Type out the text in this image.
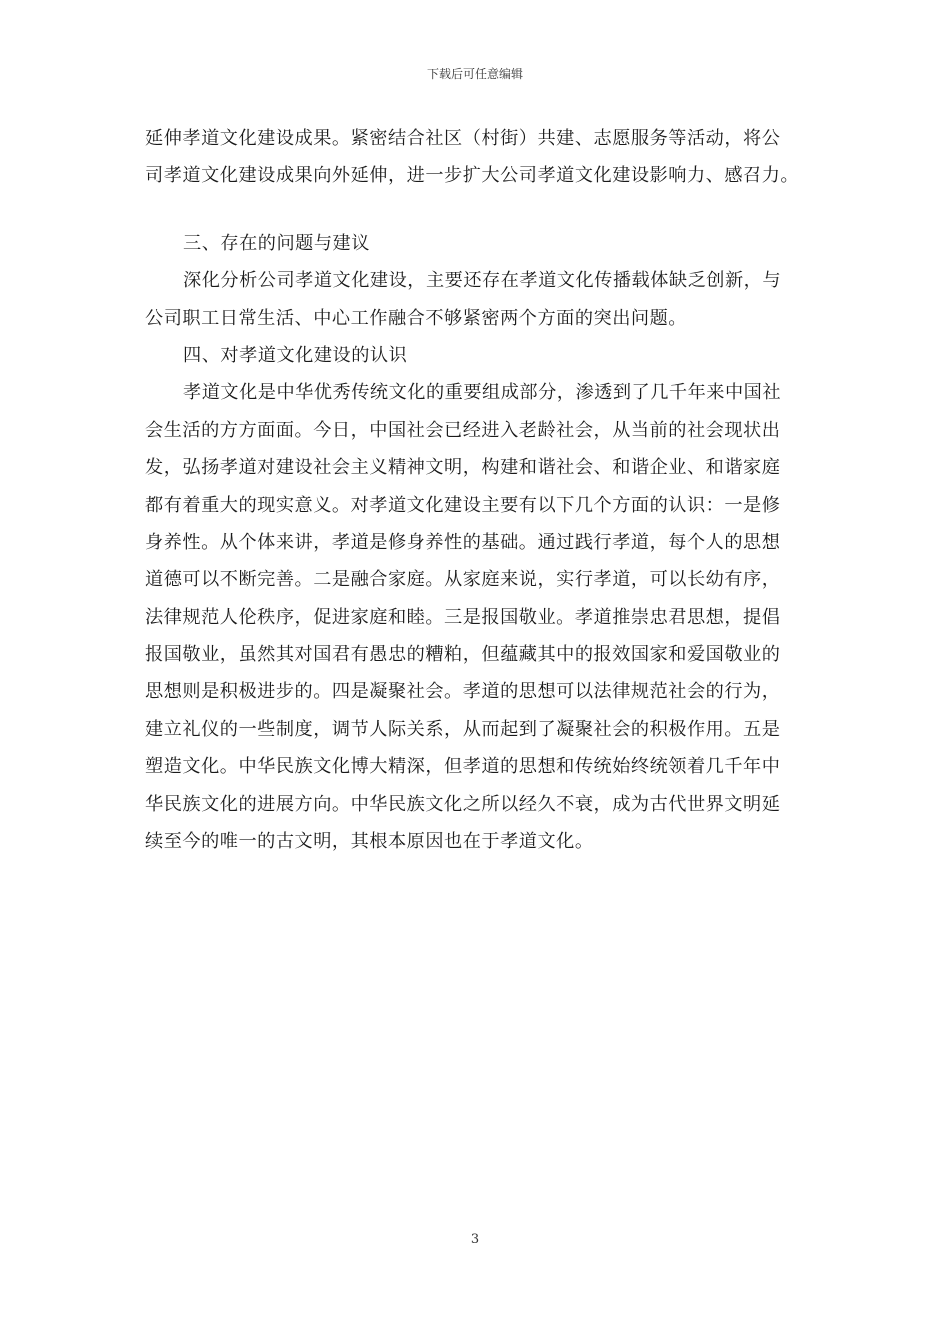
下载后可任意编辑
延伸孝道文化建设成果。紧密结合社区（村街）共建、志愿服务等活动，将公
司孝道文化建设成果向外延伸，进一步扩大公司孝道文化建设影响力、感召力。
三、存在的问题与建议
深化分析公司孝道文化建设，主要还存在孝道文化传播载体缺乏创新，与
公司职工日常生活、中心工作融合不够紧密两个方面的突出问题。
四、对孝道文化建设的认识
孝道文化是中华优秀传统文化的重要组成部分，渗透到了几千年来中国社
会生活的方方面面。今日，中国社会已经进入老龄社会，从当前的社会现状出
发，弘扬孝道对建设社会主义精神文明，构建和谐社会、和谐企业、和谐家庭
都有着重大的现实意义。对孝道文化建设主要有以下几个方面的认识：一是修
身养性。从个体来讲，孝道是修身养性的基础。通过践行孝道，每个人的思想
道德可以不断完善。二是融合家庭。从家庭来说，实行孝道，可以长幼有序，
法律规范人伦秩序，促进家庭和睦。三是报国敬业。孝道推崇忠君思想，提倡
报国敬业，虽然其对国君有愚忠的糟粕，但蕴藏其中的报效国家和爱国敬业的
思想则是积极进步的。四是凝聚社会。孝道的思想可以法律规范社会的行为，
建立礼仪的一些制度，调节人际关系，从而起到了凝聚社会的积极作用。五是
塑造文化。中华民族文化博大精深，但孝道的思想和传统始终统领着几千年中
华民族文化的进展方向。中华民族文化之所以经久不衰，成为古代世界文明延
续至今的唯一的古文明，其根本原因也在于孝道文化。
3
